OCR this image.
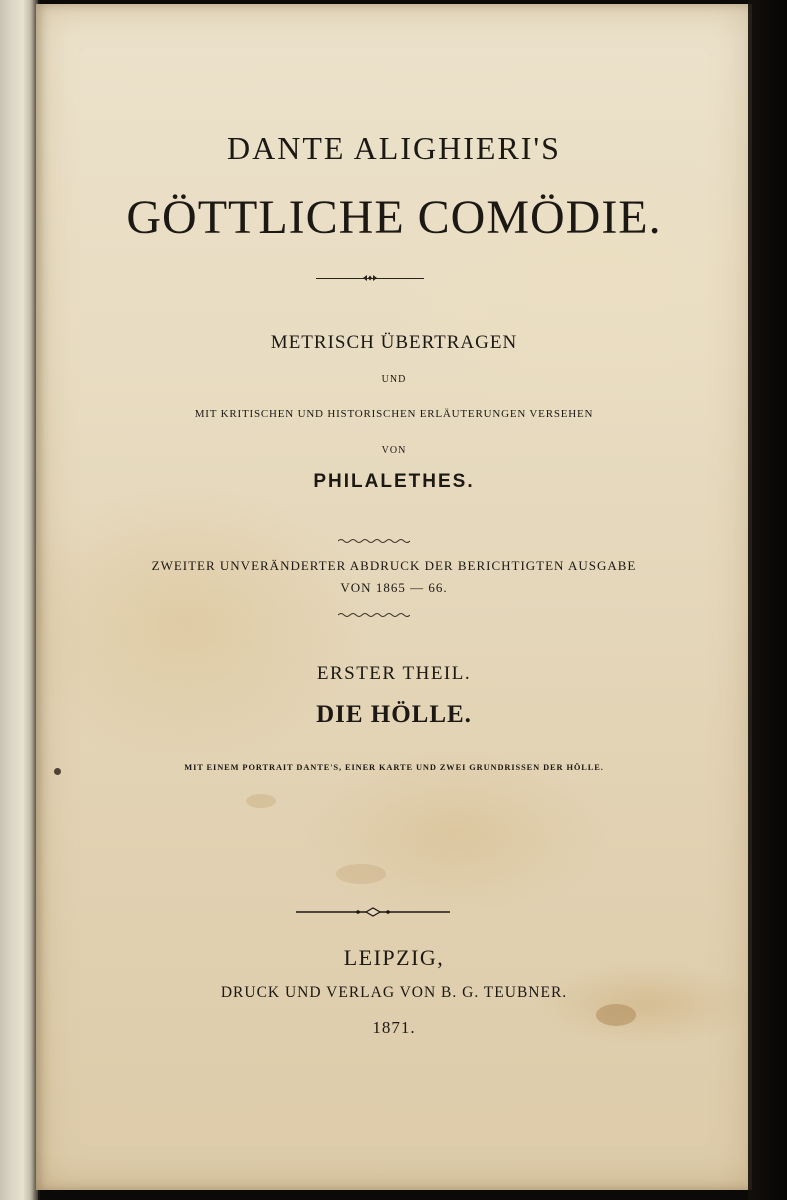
DANTE ALIGHIERI'S
GÖTTLICHE COMÖDIE.
METRISCH ÜBERTRAGEN
UND
MIT KRITISCHEN UND HISTORISCHEN ERLÄUTERUNGEN VERSEHEN
VON
PHILALETHES.
ZWEITER UNVERÄNDERTER ABDRUCK DER BERICHTIGTEN AUSGABE
VON 1865 — 66.
ERSTER THEIL.
DIE HÖLLE.
MIT EINEM PORTRAIT DANTE'S, EINER KARTE UND ZWEI GRUNDRISSEN DER HÖLLE.
LEIPZIG,
DRUCK UND VERLAG VON B. G. TEUBNER.
1871.
